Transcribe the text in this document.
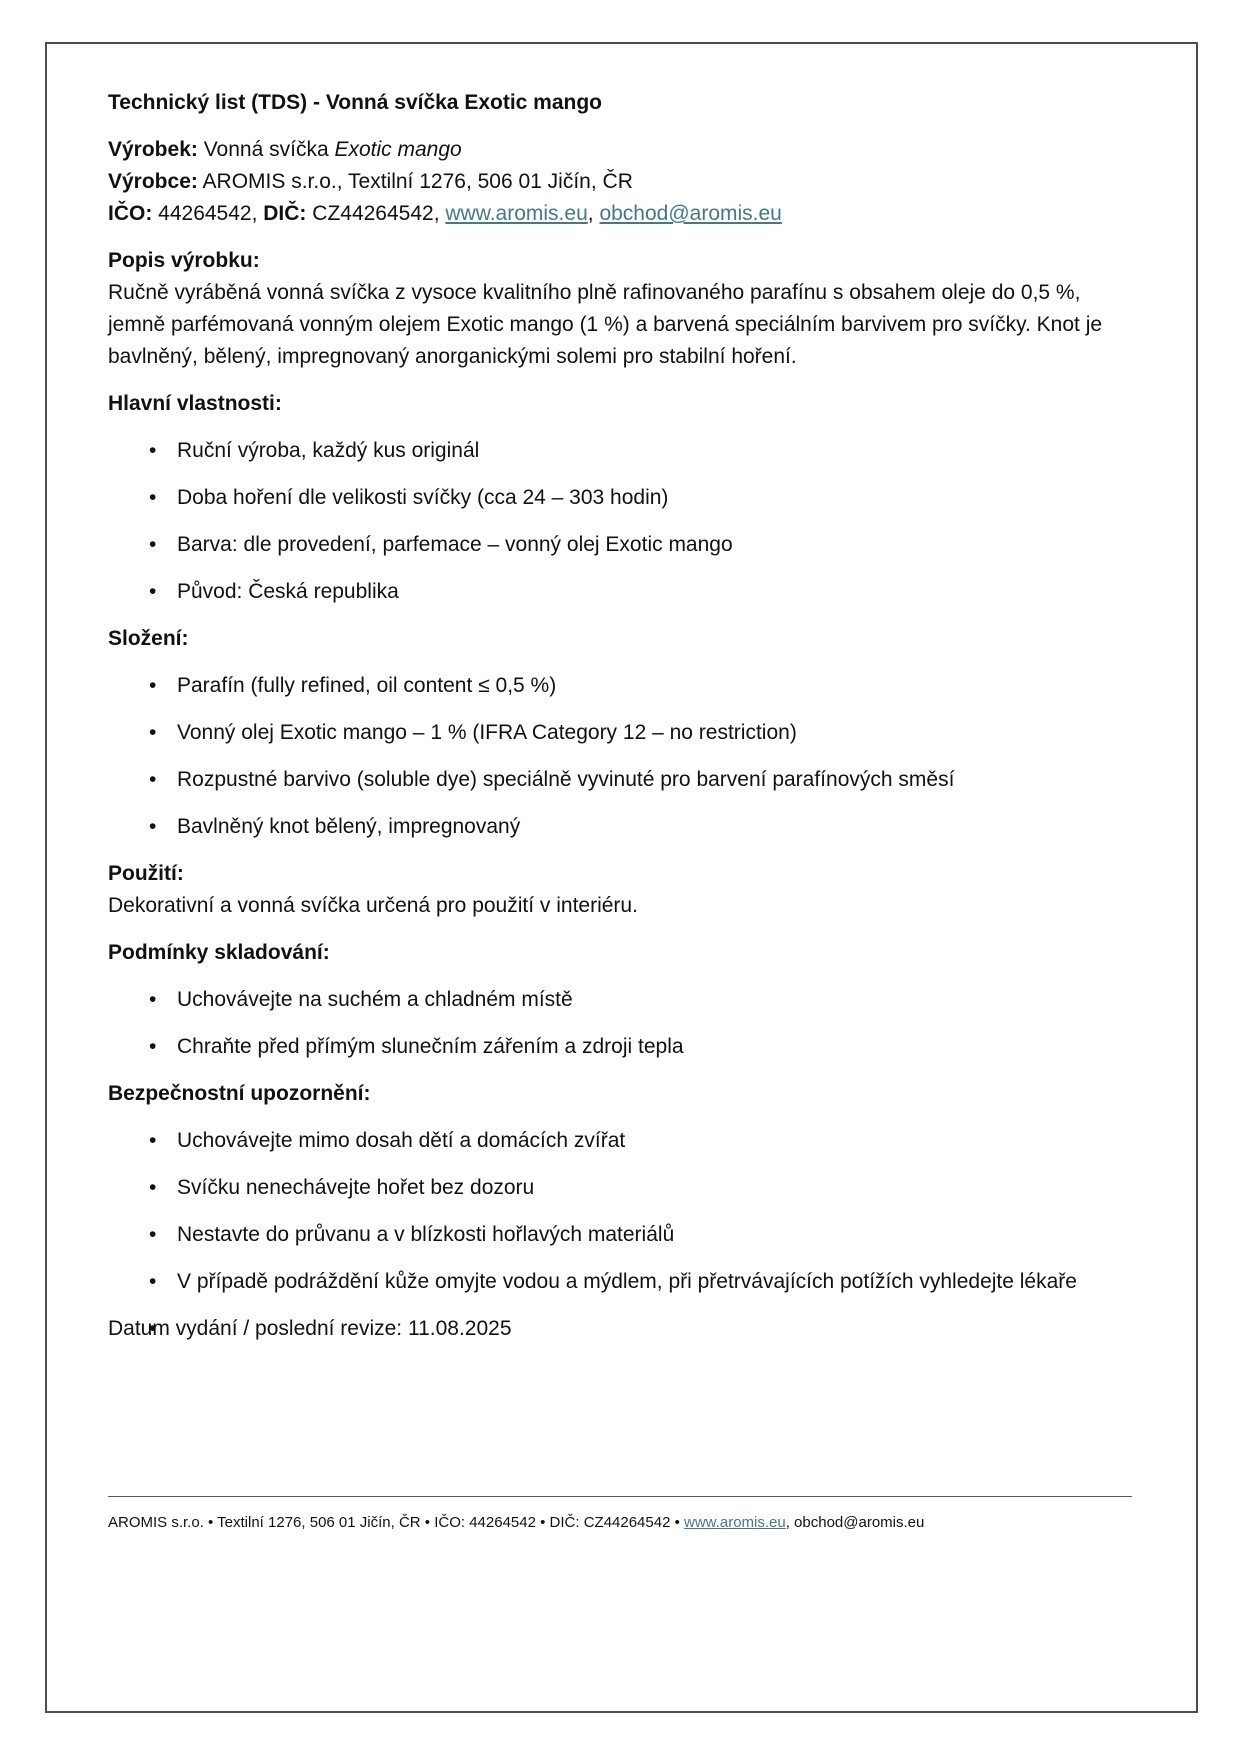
Technický list (TDS) - Vonná svíčka Exotic mango

Výrobek: Vonná svíčka Exotic mango

Výrobce: AROMIS s.r.o., Textilní 1276, 506 01 Jičín, ČR

IČO: 44264542, DIČ: CZ44264542, www.aromis.eu, obchod@aromis.eu

Popis výrobku:

Ručně vyráběná vonná svíčka z vysoce kvalitního plně rafinovaného parafínu s obsahem oleje do 0,5 %, jemně parfémovaná vonným olejem Exotic mango (1 %) a barvená speciálním barvivem pro svíčky. Knot je bavlněný, bělený, impregnovaný anorganickými solemi pro stabilní hoření.

Hlavní vlastnosti:

• Ruční výroba, každý kus originál
• Doba hoření dle velikosti svíčky (cca 24 – 303 hodin)
• Barva: dle provedení, parfemace – vonný olej Exotic mango
• Původ: Česká republika

Složení:

• Parafín (fully refined, oil content ≤ 0,5 %)
• Vonný olej Exotic mango – 1 % (IFRA Category 12 – no restriction)
• Rozpustné barvivo (soluble dye) speciálně vyvinuté pro barvení parafínových směsí
• Bavlněný knot bělený, impregnovaný

Použití:

Dekorativní a vonná svíčka určená pro použití v interiéru.

Podmínky skladování:

• Uchovávejte na suchém a chladném místě
• Chraňte před přímým slunečním zářením a zdroji tepla

Bezpečnostní upozornění:

• Uchovávejte mimo dosah dětí a domácích zvířat
• Svíčku nenechávejte hořet bez dozoru
• Nestavte do průvanu a v blízkosti hořlavých materiálů
• V případě podráždění kůže omyjte vodou a mýdlem, při přetrvávajících potížích vyhledejte lékaře

Datum vydání / poslední revize: 11.08.2025

AROMIS s.r.o. • Textilní 1276, 506 01 Jičín, ČR • IČO: 44264542 • DIČ: CZ44264542 • www.aromis.eu, obchod@aromis.eu
